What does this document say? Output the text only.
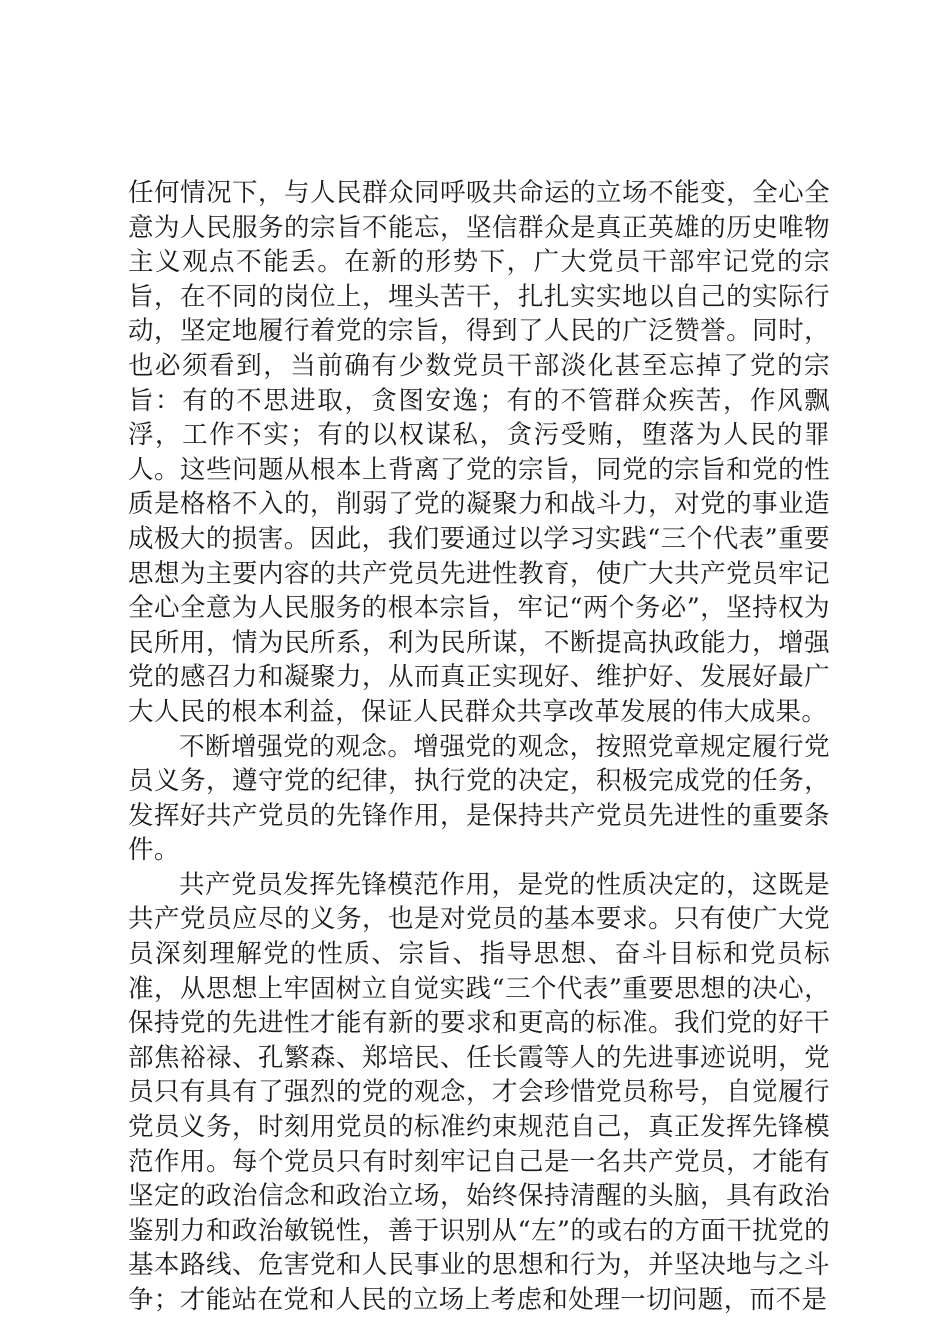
任何情况下，与人民群众同呼吸共命运的立场不能变，全心全意为人民服务的宗旨不能忘，坚信群众是真正英雄的历史唯物主义观点不能丢。在新的形势下，广大党员干部牢记党的宗旨，在不同的岗位上，埋头苦干，扎扎实实地以自己的实际行动，坚定地履行着党的宗旨，得到了人民的广泛赞誉。同时，也必须看到，当前确有少数党员干部淡化甚至忘掉了党的宗旨：有的不思进取，贪图安逸；有的不管群众疾苦，作风飘浮，工作不实；有的以权谋私，贪污受贿，堕落为人民的罪人。这些问题从根本上背离了党的宗旨，同党的宗旨和党的性质是格格不入的，削弱了党的凝聚力和战斗力，对党的事业造成极大的损害。因此，我们要通过以学习实践“三个代表”重要思想为主要内容的共产党员先进性教育，使广大共产党员牢记全心全意为人民服务的根本宗旨，牢记“两个务必”，坚持权为民所用，情为民所系，利为民所谋，不断提高执政能力，增强党的感召力和凝聚力，从而真正实现好、维护好、发展好最广大人民的根本利益，保证人民群众共享改革发展的伟大成果。

不断增强党的观念。增强党的观念，按照党章规定履行党员义务，遵守党的纪律，执行党的决定，积极完成党的任务，发挥好共产党员的先锋作用，是保持共产党员先进性的重要条件。

共产党员发挥先锋模范作用，是党的性质决定的，这既是共产党员应尽的义务，也是对党员的基本要求。只有使广大党员深刻理解党的性质、宗旨、指导思想、奋斗目标和党员标准，从思想上牢固树立自觉实践“三个代表”重要思想的决心，保持党的先进性才能有新的要求和更高的标准。我们党的好干部焦裕禄、孔繁森、郑培民、任长霞等人的先进事迹说明，党员只有具有了强烈的党的观念，才会珍惜党员称号，自觉履行党员义务，时刻用党员的标准约束规范自己，真正发挥先锋模范作用。每个党员只有时刻牢记自己是一名共产党员，才能有坚定的政治信念和政治立场，始终保持清醒的头脑，具有政治鉴别力和政治敏锐性，善于识别从“左”的或右的方面干扰党的基本路线、危害党和人民事业的思想和行为，并坚决地与之斗争；才能站在党和人民的立场上考虑和处理一切问题，而不是
